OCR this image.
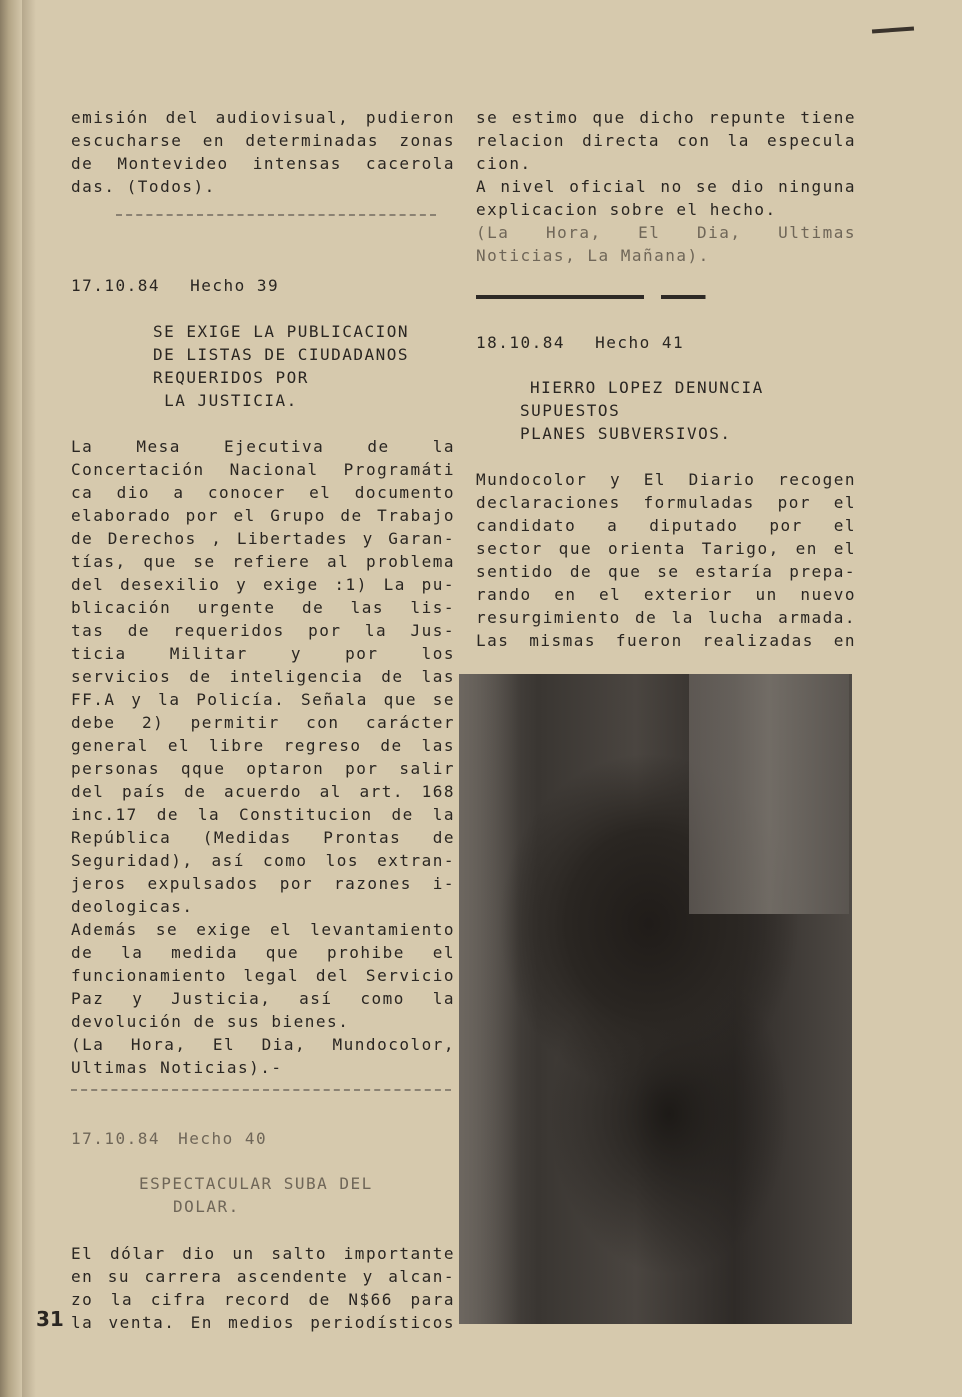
emisión del audiovisual, pudieron

escucharse en determinadas zonas

de Montevideo intensas cacerola

das. (Todos).

17.10.84 Hecho 39

SE EXIGE LA PUBLICACION

DE LISTAS DE CIUDADANOS

REQUERIDOS POR

LA JUSTICIA.

La Mesa Ejecutiva de la

Concertación Nacional Programáti

ca dio a conocer el documento

elaborado por el Grupo de Trabajo

de Derechos , Libertades y Garan-

tías, que se refiere al problema

del desexilio y exige :1) La pu-

blicación urgente de las lis-

tas de requeridos por la Jus-

ticia Militar y por los

servicios de inteligencia de las

FF.A y la Policía. Señala que se

debe 2) permitir con carácter

general el libre regreso de las

personas qque optaron por salir

del país de acuerdo al art. 168

inc.17 de la Constitucion de la

República (Medidas Prontas de

Seguridad), así como los extran-

jeros expulsados por razones i-

deologicas.

Además se exige el levantamiento

de la medida que prohibe el

funcionamiento legal del Servicio

Paz y Justicia, así como la

devolución de sus bienes.

(La Hora, El Dia, Mundocolor,

Ultimas Noticias).-

17.10.84 Hecho 40

ESPECTACULAR SUBA DEL

DOLAR.

El dólar dio un salto importante

en su carrera ascendente y alcan-

zo la cifra record de N$66 para

la venta. En medios periodísticos

se estimo que dicho repunte tiene

relacion directa con la especula

cion.

A nivel oficial no se dio ninguna

explicacion sobre el hecho.

(La Hora, El Dia, Ultimas

Noticias, La Mañana).

18.10.84 Hecho 41

HIERRO LOPEZ DENUNCIA

SUPUESTOS

PLANES SUBVERSIVOS.

Mundocolor y El Diario recogen

declaraciones formuladas por el

candidato a diputado por el

sector que orienta Tarigo, en el

sentido de que se estaría prepa-

rando en el exterior un nuevo

resurgimiento de la lucha armada.

Las mismas fueron realizadas en

31
